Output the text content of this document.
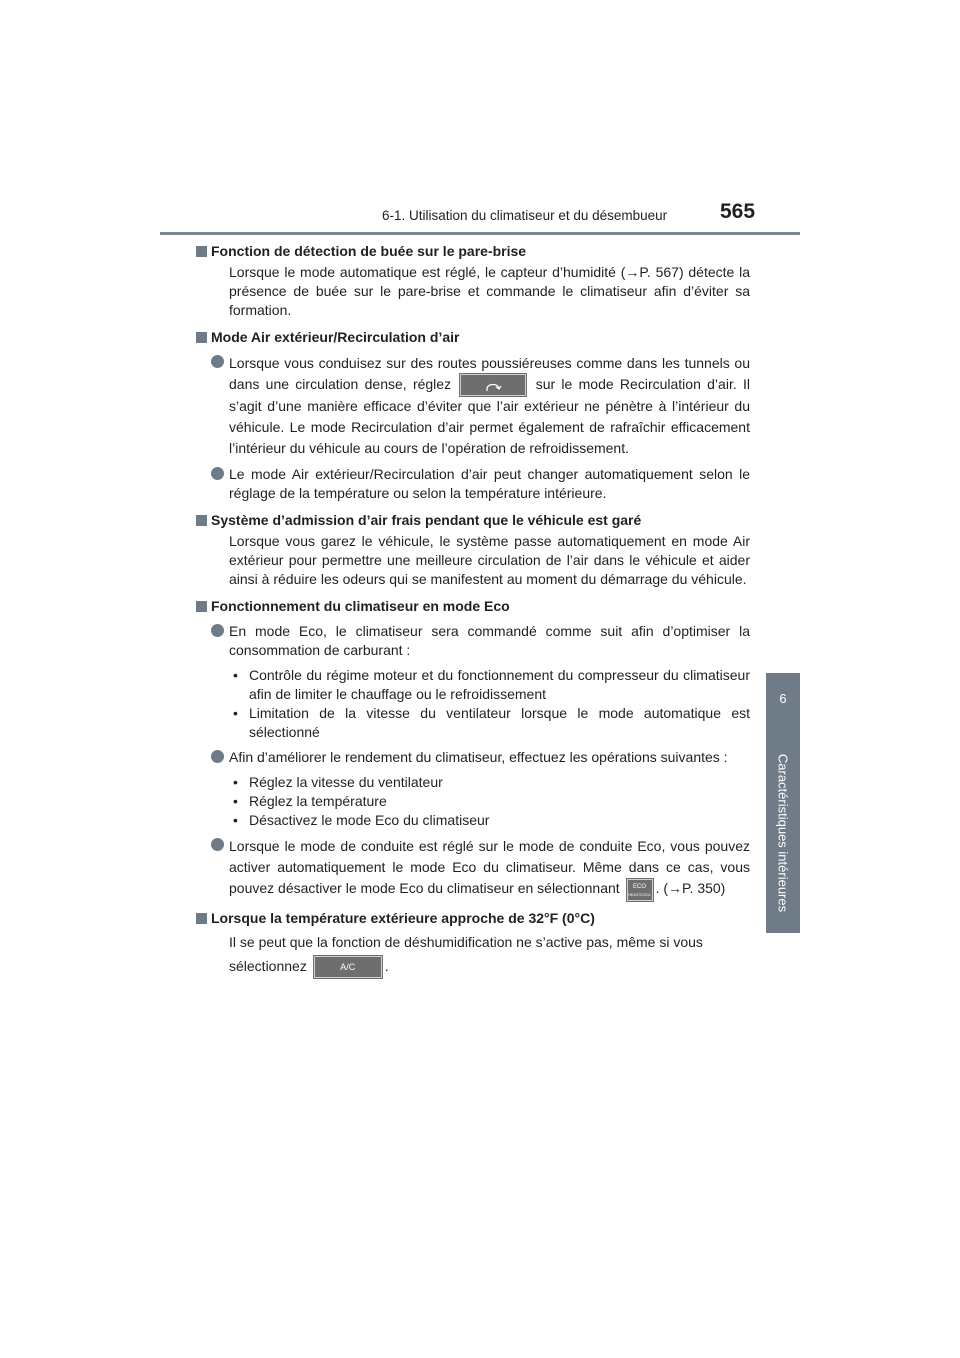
6-1. Utilisation du climatiseur et du désembueur	565
6
Caractéristiques intérieures
Fonction de détection de buée sur le pare-brise
Lorsque le mode automatique est réglé, le capteur d’humidité (→P. 567) détecte la présence de buée sur le pare-brise et commande le climatiseur afin d’éviter sa formation.
Mode Air extérieur/Recirculation d’air
Lorsque vous conduisez sur des routes poussiéreuses comme dans les tunnels ou dans une circulation dense, réglez	sur le mode Recirculation d’air. Il s’agit d’une manière efficace d’éviter que l’air extérieur ne pénètre à l’intérieur du véhicule. Le mode Recirculation d’air permet également de rafraîchir efficacement l’intérieur du véhicule au cours de l’opération de refroidissement.
Le mode Air extérieur/Recirculation d’air peut changer automatiquement selon le réglage de la température ou selon la température intérieure.
Système d’admission d’air frais pendant que le véhicule est garé
Lorsque vous garez le véhicule, le système passe automatiquement en mode Air extérieur pour permettre une meilleure circulation de l’air dans le véhicule et aider ainsi à réduire les odeurs qui se manifestent au moment du démarrage du véhicule.
Fonctionnement du climatiseur en mode Eco
En mode Eco, le climatiseur sera commandé comme suit afin d’optimiser la consommation de carburant :
• Contrôle du régime moteur et du fonctionnement du compresseur du climatiseur afin de limiter le chauffage ou le refroidissement
• Limitation de la vitesse du ventilateur lorsque le mode automatique est sélectionné
Afin d’améliorer le rendement du climatiseur, effectuez les opérations suivantes :
• Réglez la vitesse du ventilateur
• Réglez la température
• Désactivez le mode Eco du climatiseur
Lorsque le mode de conduite est réglé sur le mode de conduite Eco, vous pouvez activer automatiquement le mode Eco du climatiseur. Même dans ce cas, vous pouvez désactiver le mode Eco du climatiseur en sélectionnant	ECO
HEAT/COOL . (→P. 350)
Lorsque la température extérieure approche de 32°F (0°C)
Il se peut que la fonction de déshumidification ne s’active pas, même si vous sélectionnez	A/C .
